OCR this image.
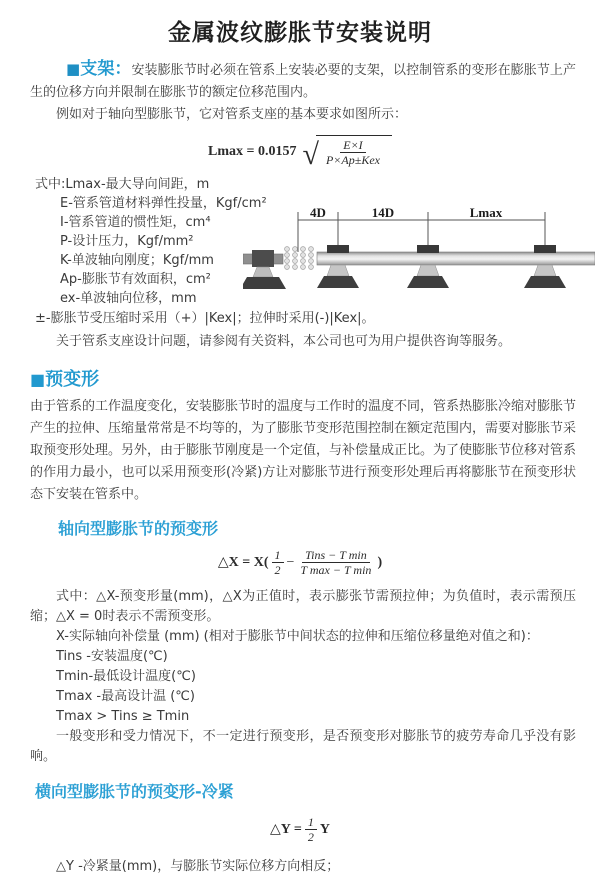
金属波纹膨胀节安装说明

■支架：安装膨胀节时必须在管系上安装必要的支架，以控制管系的变形在膨胀节上产生的位移方向并限制在膨胀节的额定位移范围内。

例如对于轴向型膨胀节，它对管系支座的基本要求如图所示：

Lmax = 0.0157 √ $\frac{E\times I}{\text{P×Ap±Kex}}$

式中:Lmax-最大导向间距，m

E-管系管道材料弹性投量，Kgf/cm²

I-管系管道的惯性矩，cm⁴

P-设计压力，Kgf/mm²

K-单波轴向刚度；Kgf/mm

Ap-膨胀节有效面积，cm²

ex-单波轴向位移，mm

±-膨胀节受压缩时采用（+）|Kex|；拉伸时采用(-)|Kex|。

关于管系支座设计问题，请参阅有关资料，本公司也可为用户提供咨询等服务。

4D	14D	Lmax
■预变形

由于管系的工作温度变化，安装膨胀节时的温度与工作时的温度不同，管系热膨胀冷缩对膨胀节产生的拉伸、压缩量常常是不均等的，为了膨胀节变形范围控制在额定范围内，需要对膨胀节采取预变形处理。另外，由于膨胀节刚度是一个定值，与补偿量成正比。为了使膨胀节位移对管系的作用力最小，也可以采用预变形(冷紧)方让对膨胀节进行预变形处理后再将膨胀节在预变形状态下安装在管系中。

轴向型膨胀节的预变形
△X = $X( \frac{1}{2} - \frac{\text{Tins − T min}}{\text{T max − T min}}$ )

式中：△X-预变形量(mm)，△X为正值时，表示膨张节需预拉伸；为负值时，表示需预压缩；△X = 0时表示不需预变形。

X-实际轴向补偿量 (mm) (相对于膨胀节中间状态的拉伸和压缩位移量绝对值之和)：

Tins -安装温度(℃)

Tmin-最低设计温度(℃)

Tmax -最高设计温 (℃)

Tmax > Tins ≥ Tmin

一般变形和受力情况下，不一定进行预变形，是否预变形对膨胀节的疲劳寿命几乎没有影响。

横向型膨胀节的预变形-冷紧
△Y = $\frac{1}{2}$ Y

△Y -冷紧量(mm)，与膨胀节实际位移方向相反；
